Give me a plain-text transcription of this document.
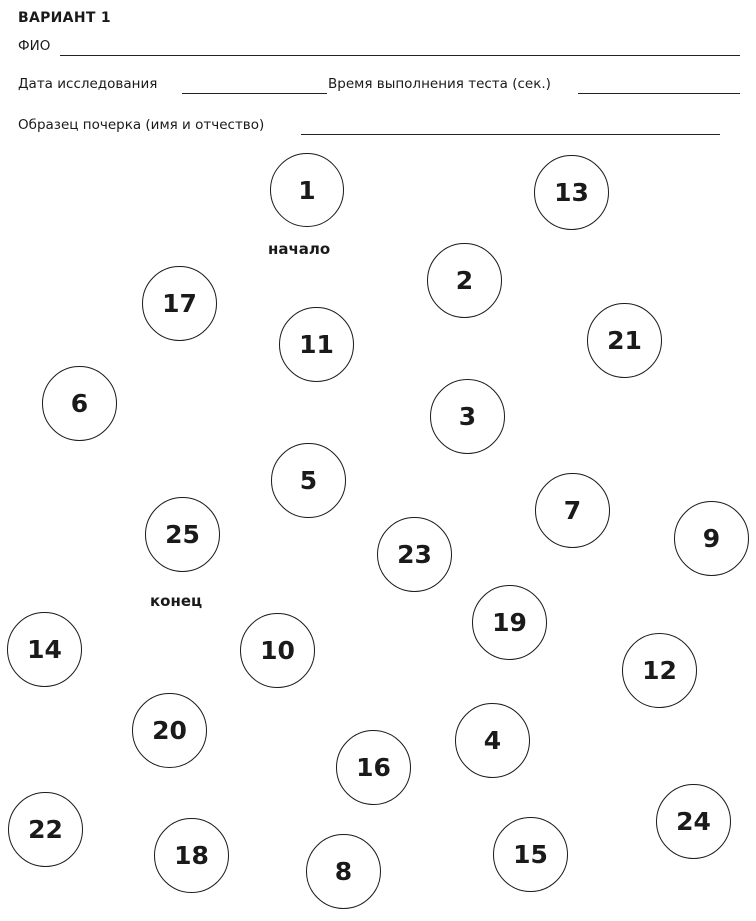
ВАРИАНТ 1
ФИО
Дата исследования	Время выполнения теста (сек.)
Образец почерка (имя и отчество)
1	13
2
17
11	21
6	3
5
7
9
25
23
19
14	10
12
20	4
16
24
22
18	15
8
начало
конец
